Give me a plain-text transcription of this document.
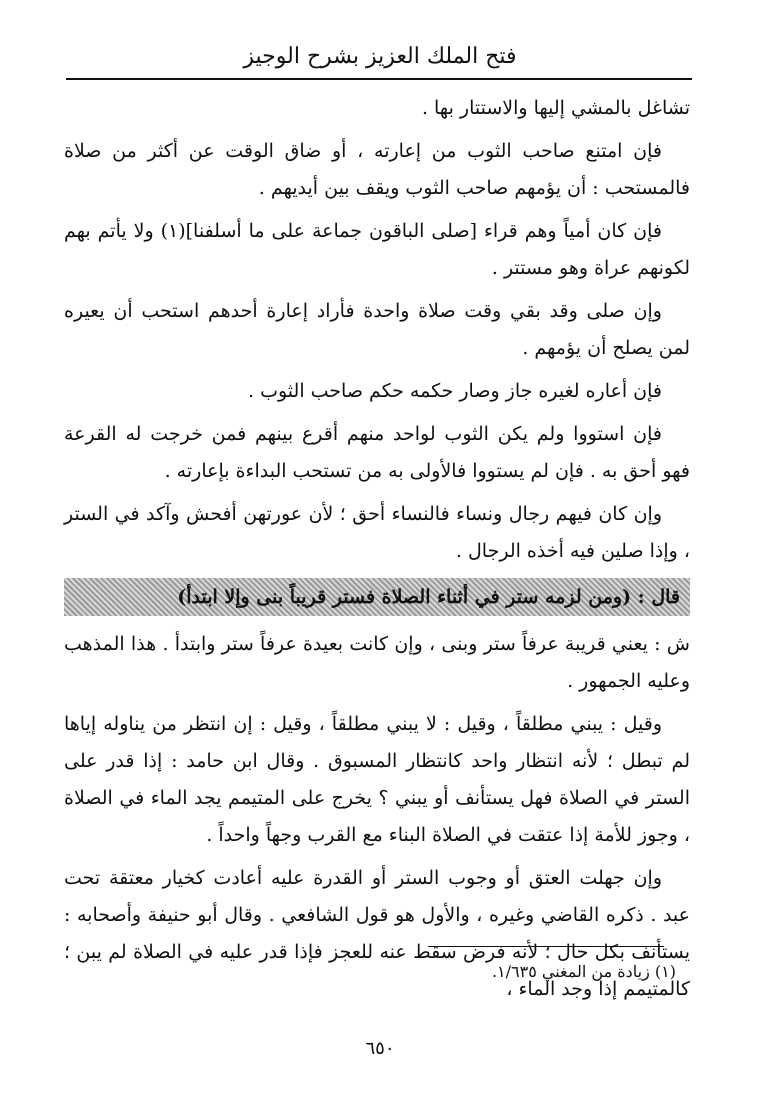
فتح الملك العزيز بشرح الوجيز

تشاغل بالمشي إليها والاستتار بها .

فإن امتنع صاحب الثوب من إعارته ، أو ضاق الوقت عن أكثر من صلاة فالمستحب : أن يؤمهم صاحب الثوب ويقف بين أيديهم .

فإن كان أمياً وهم قراء [صلى الباقون جماعة على ما أسلفنا](١) ولا يأتم بهم لكونهم عراة وهو مستتر .

وإن صلى وقد بقي وقت صلاة واحدة فأراد إعارة أحدهم استحب أن يعيره لمن يصلح أن يؤمهم .

فإن أعاره لغيره جاز وصار حكمه حكم صاحب الثوب .

فإن استووا ولم يكن الثوب لواحد منهم أقرع بينهم فمن خرجت له القرعة فهو أحق به . فإن لم يستووا فالأولى به من تستحب البداءة بإعارته .

وإن كان فيهم رجال ونساء فالنساء أحق ؛ لأن عورتهن أفحش وآكد في الستر ، وإذا صلين فيه أخذه الرجال .

قال : (ومن لزمه ستر في أثناء الصلاة فستر قريباً بنى وإلا ابتدأ)

ش : يعني قريبة عرفاً ستر وبنى ، وإن كانت بعيدة عرفاً ستر وابتدأ . هذا المذهب وعليه الجمهور .

وقيل : يبني مطلقاً ، وقيل : لا يبني مطلقاً ، وقيل : إن انتظر من يناوله إياها لم تبطل ؛ لأنه انتظار واحد كانتظار المسبوق . وقال ابن حامد : إذا قدر على الستر في الصلاة فهل يستأنف أو يبني ؟ يخرج على المتيمم يجد الماء في الصلاة ، وجوز للأمة إذا عتقت في الصلاة البناء مع القرب وجهاً واحداً .

وإن جهلت العتق أو وجوب الستر أو القدرة عليه أعادت كخيار معتقة تحت عبد . ذكره القاضي وغيره ، والأول هو قول الشافعي . وقال أبو حنيفة وأصحابه : يستأنف بكل حال ؛ لأنه فرض سقط عنه للعجز فإذا قدر عليه في الصلاة لم يبن ؛ كالمتيمم إذا وجد الماء ،

(١) زيادة من المغني ١/٦٣٥.
٦٥٠
